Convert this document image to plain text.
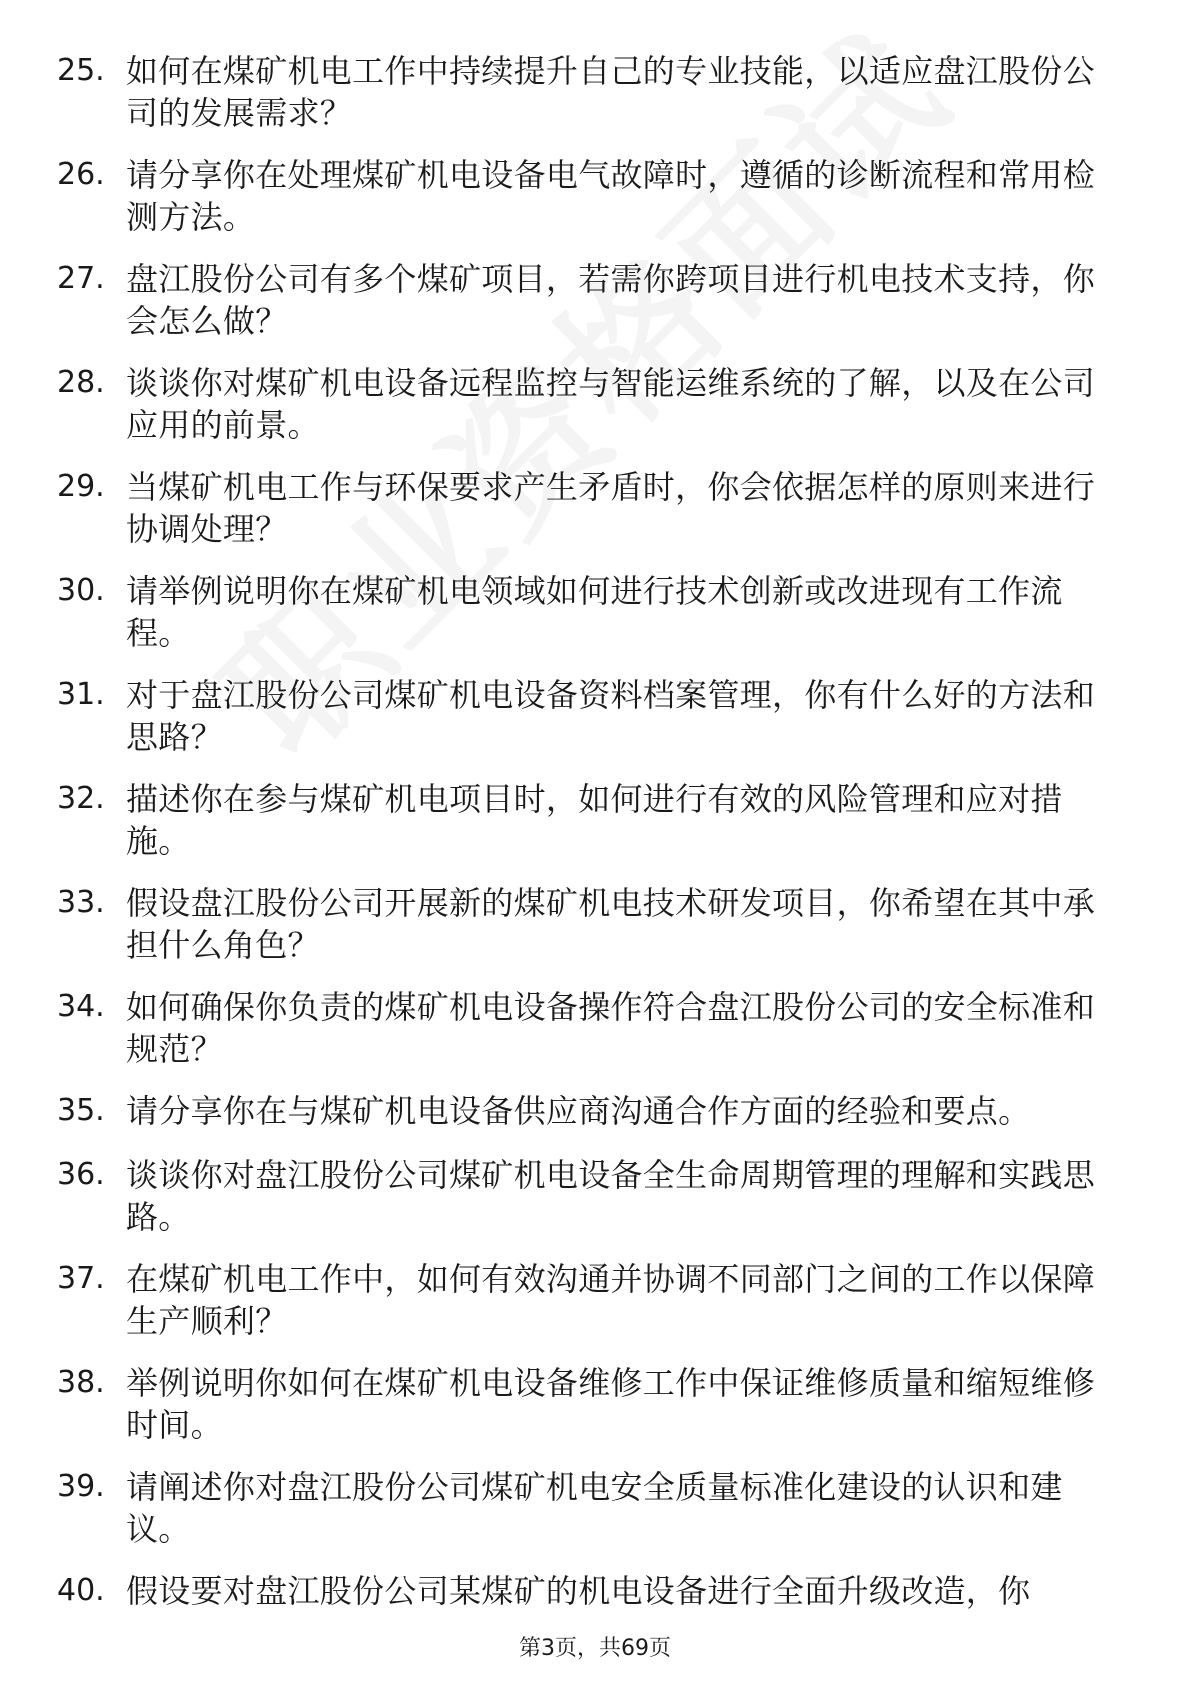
25. 如何在煤矿机电工作中持续提升自己的专业技能，以适应盘江股份公司的发展需求？

26. 请分享你在处理煤矿机电设备电气故障时，遵循的诊断流程和常用检测方法。

27. 盘江股份公司有多个煤矿项目，若需你跨项目进行机电技术支持，你会怎么做？

28. 谈谈你对煤矿机电设备远程监控与智能运维系统的了解，以及在公司应用的前景。

29. 当煤矿机电工作与环保要求产生矛盾时，你会依据怎样的原则来进行协调处理？

30. 请举例说明你在煤矿机电领域如何进行技术创新或改进现有工作流程。

31. 对于盘江股份公司煤矿机电设备资料档案管理，你有什么好的方法和思路？

32. 描述你在参与煤矿机电项目时，如何进行有效的风险管理和应对措施。

33. 假设盘江股份公司开展新的煤矿机电技术研发项目，你希望在其中承担什么角色？

34. 如何确保你负责的煤矿机电设备操作符合盘江股份公司的安全标准和规范？

35. 请分享你在与煤矿机电设备供应商沟通合作方面的经验和要点。

36. 谈谈你对盘江股份公司煤矿机电设备全生命周期管理的理解和实践思路。

37. 在煤矿机电工作中，如何有效沟通并协调不同部门之间的工作以保障生产顺利？

38. 举例说明你如何在煤矿机电设备维修工作中保证维修质量和缩短维修时间。

39. 请阐述你对盘江股份公司煤矿机电安全质量标准化建设的认识和建议。

40. 假设要对盘江股份公司某煤矿的机电设备进行全面升级改造，你

第3页，共69页
